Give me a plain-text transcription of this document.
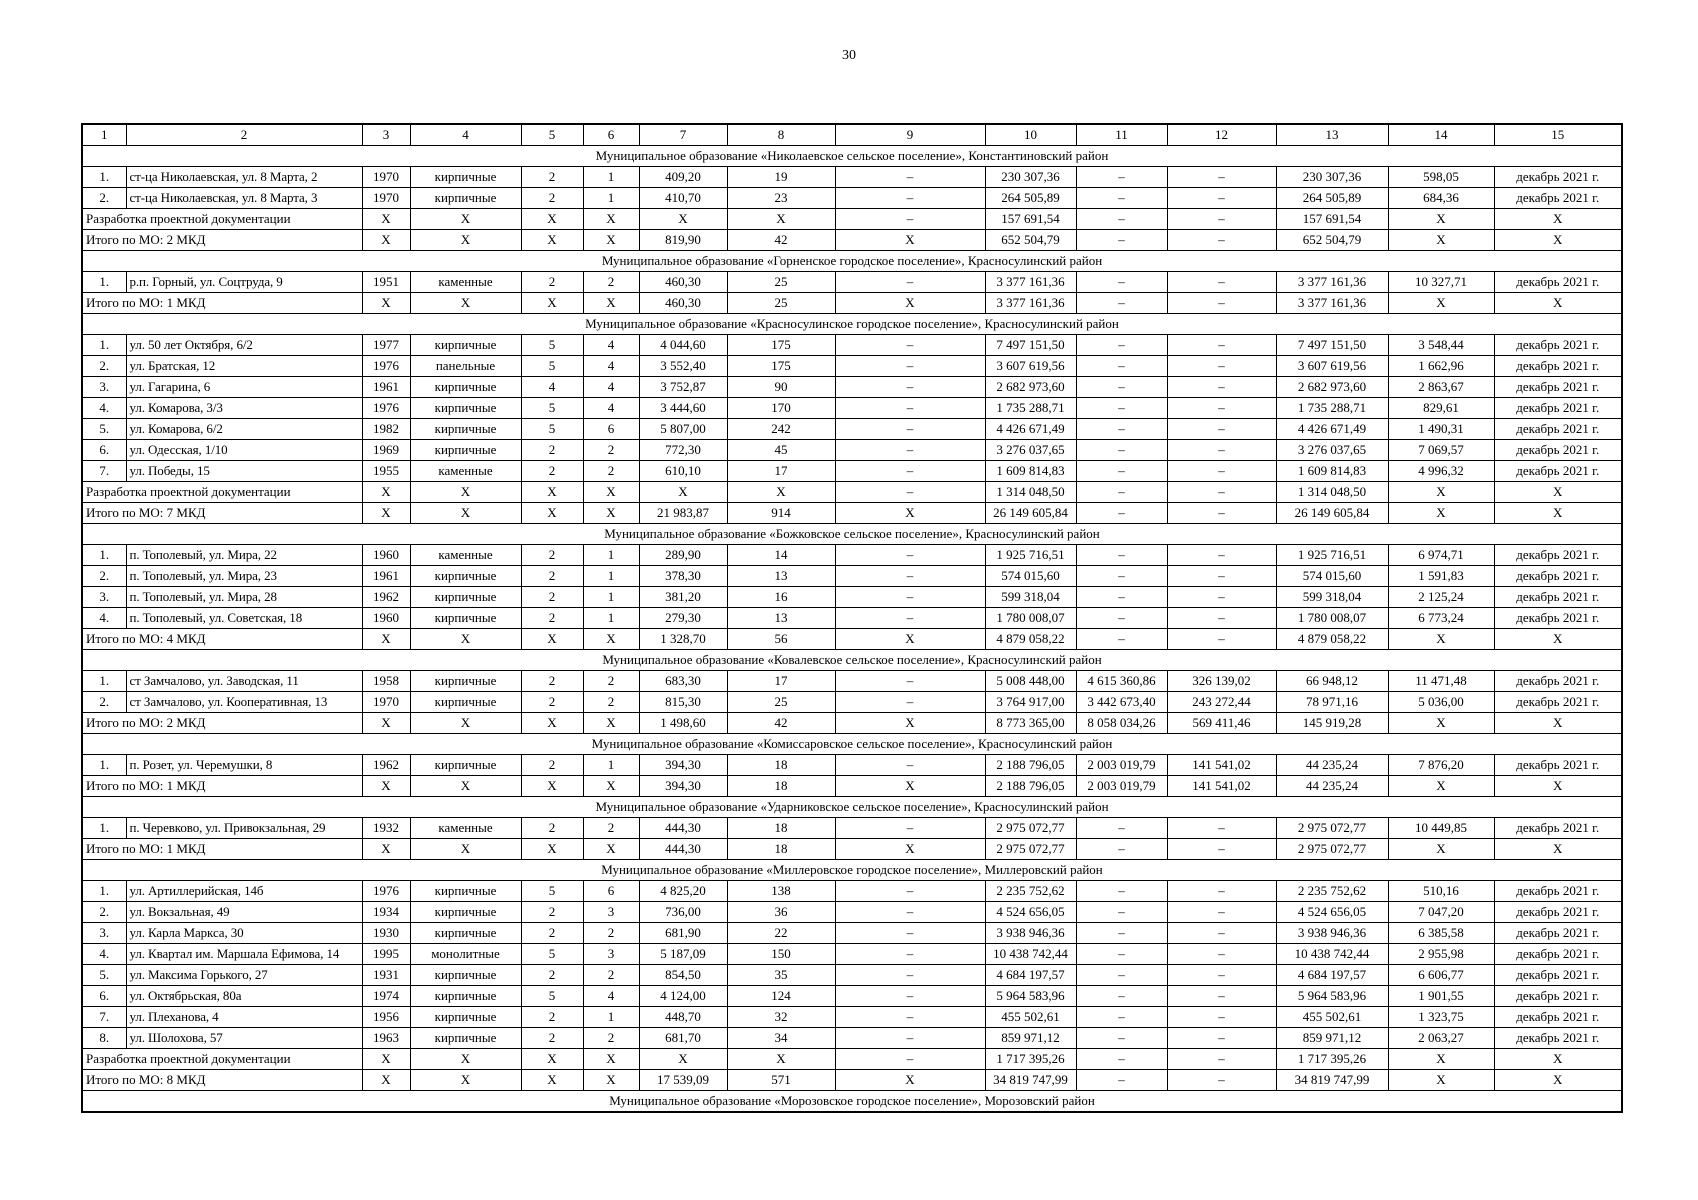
30
1	2	3	4	5	6	7	8	9	10	11	12	13	14	15
Муниципальное образование «Николаевское сельское поселение», Константиновский район														
1.	ст-ца Николаевская, ул. 8 Марта, 2	1970	кирпичные	2	1	409,20	19	–	230 307,36	–	–	230 307,36	598,05	декабрь 2021 г.
2.	ст-ца Николаевская, ул. 8 Марта, 3	1970	кирпичные	2	1	410,70	23	–	264 505,89	–	–	264 505,89	684,36	декабрь 2021 г.
Разработка проектной документации		X	X	X	X	X	X	–	157 691,54	–	–	157 691,54	X	X
Итого по МО: 2 МКД		X	X	X	X	819,90	42	X	652 504,79	–	–	652 504,79	X	X
Муниципальное образование «Горненское городское поселение», Красносулинский район														
1.	р.п. Горный, ул. Соцтруда, 9	1951	каменные	2	2	460,30	25	–	3 377 161,36	–	–	3 377 161,36	10 327,71	декабрь 2021 г.
Итого по МО: 1 МКД		X	X	X	X	460,30	25	X	3 377 161,36	–	–	3 377 161,36	X	X
Муниципальное образование «Красносулинское городское поселение», Красносулинский район														
1.	ул. 50 лет Октября, 6/2	1977	кирпичные	5	4	4 044,60	175	–	7 497 151,50	–	–	7 497 151,50	3 548,44	декабрь 2021 г.
2.	ул. Братская, 12	1976	панельные	5	4	3 552,40	175	–	3 607 619,56	–	–	3 607 619,56	1 662,96	декабрь 2021 г.
3.	ул. Гагарина, 6	1961	кирпичные	4	4	3 752,87	90	–	2 682 973,60	–	–	2 682 973,60	2 863,67	декабрь 2021 г.
4.	ул. Комарова, 3/3	1976	кирпичные	5	4	3 444,60	170	–	1 735 288,71	–	–	1 735 288,71	829,61	декабрь 2021 г.
5.	ул. Комарова, 6/2	1982	кирпичные	5	6	5 807,00	242	–	4 426 671,49	–	–	4 426 671,49	1 490,31	декабрь 2021 г.
6.	ул. Одесская, 1/10	1969	кирпичные	2	2	772,30	45	–	3 276 037,65	–	–	3 276 037,65	7 069,57	декабрь 2021 г.
7.	ул. Победы, 15	1955	каменные	2	2	610,10	17	–	1 609 814,83	–	–	1 609 814,83	4 996,32	декабрь 2021 г.
Разработка проектной документации		X	X	X	X	X	X	–	1 314 048,50	–	–	1 314 048,50	X	X
Итого по МО: 7 МКД		X	X	X	X	21 983,87	914	X	26 149 605,84	–	–	26 149 605,84	X	X
Муниципальное образование «Божковское сельское поселение», Красносулинский район														
1.	п. Тополевый, ул. Мира, 22	1960	каменные	2	1	289,90	14	–	1 925 716,51	–	–	1 925 716,51	6 974,71	декабрь 2021 г.
2.	п. Тополевый, ул. Мира, 23	1961	кирпичные	2	1	378,30	13	–	574 015,60	–	–	574 015,60	1 591,83	декабрь 2021 г.
3.	п. Тополевый, ул. Мира, 28	1962	кирпичные	2	1	381,20	16	–	599 318,04	–	–	599 318,04	2 125,24	декабрь 2021 г.
4.	п. Тополевый, ул. Советская, 18	1960	кирпичные	2	1	279,30	13	–	1 780 008,07	–	–	1 780 008,07	6 773,24	декабрь 2021 г.
Итого по МО: 4 МКД		X	X	X	X	1 328,70	56	X	4 879 058,22	–	–	4 879 058,22	X	X
Муниципальное образование «Ковалевское сельское поселение», Красносулинский район														
1.	ст Замчалово, ул. Заводская, 11	1958	кирпичные	2	2	683,30	17	–	5 008 448,00	4 615 360,86	326 139,02	66 948,12	11 471,48	декабрь 2021 г.
2.	ст Замчалово, ул. Кооперативная, 13	1970	кирпичные	2	2	815,30	25	–	3 764 917,00	3 442 673,40	243 272,44	78 971,16	5 036,00	декабрь 2021 г.
Итого по МО: 2 МКД		X	X	X	X	1 498,60	42	X	8 773 365,00	8 058 034,26	569 411,46	145 919,28	X	X
Муниципальное образование «Комиссаровское сельское поселение», Красносулинский район														
1.	п. Розет, ул. Черемушки, 8	1962	кирпичные	2	1	394,30	18	–	2 188 796,05	2 003 019,79	141 541,02	44 235,24	7 876,20	декабрь 2021 г.
Итого по МО: 1 МКД		X	X	X	X	394,30	18	X	2 188 796,05	2 003 019,79	141 541,02	44 235,24	X	X
Муниципальное образование «Ударниковское сельское поселение», Красносулинский район														
1.	п. Черевково, ул. Привокзальная, 29	1932	каменные	2	2	444,30	18	–	2 975 072,77	–	–	2 975 072,77	10 449,85	декабрь 2021 г.
Итого по МО: 1 МКД		X	X	X	X	444,30	18	X	2 975 072,77	–	–	2 975 072,77	X	X
Муниципальное образование «Миллеровское городское поселение», Миллеровский район														
1.	ул. Артиллерийская, 14б	1976	кирпичные	5	6	4 825,20	138	–	2 235 752,62	–	–	2 235 752,62	510,16	декабрь 2021 г.
2.	ул. Вокзальная, 49	1934	кирпичные	2	3	736,00	36	–	4 524 656,05	–	–	4 524 656,05	7 047,20	декабрь 2021 г.
3.	ул. Карла Маркса, 30	1930	кирпичные	2	2	681,90	22	–	3 938 946,36	–	–	3 938 946,36	6 385,58	декабрь 2021 г.
4.	ул. Квартал им. Маршала Ефимова, 14	1995	монолитные	5	3	5 187,09	150	–	10 438 742,44	–	–	10 438 742,44	2 955,98	декабрь 2021 г.
5.	ул. Максима Горького, 27	1931	кирпичные	2	2	854,50	35	–	4 684 197,57	–	–	4 684 197,57	6 606,77	декабрь 2021 г.
6.	ул. Октябрьская, 80а	1974	кирпичные	5	4	4 124,00	124	–	5 964 583,96	–	–	5 964 583,96	1 901,55	декабрь 2021 г.
7.	ул. Плеханова, 4	1956	кирпичные	2	1	448,70	32	–	455 502,61	–	–	455 502,61	1 323,75	декабрь 2021 г.
8.	ул. Шолохова, 57	1963	кирпичные	2	2	681,70	34	–	859 971,12	–	–	859 971,12	2 063,27	декабрь 2021 г.
Разработка проектной документации		X	X	X	X	X	X	–	1 717 395,26	–	–	1 717 395,26	X	X
Итого по МО: 8 МКД		X	X	X	X	17 539,09	571	X	34 819 747,99	–	–	34 819 747,99	X	X
Муниципальное образование «Морозовское городское поселение», Морозовский район														
